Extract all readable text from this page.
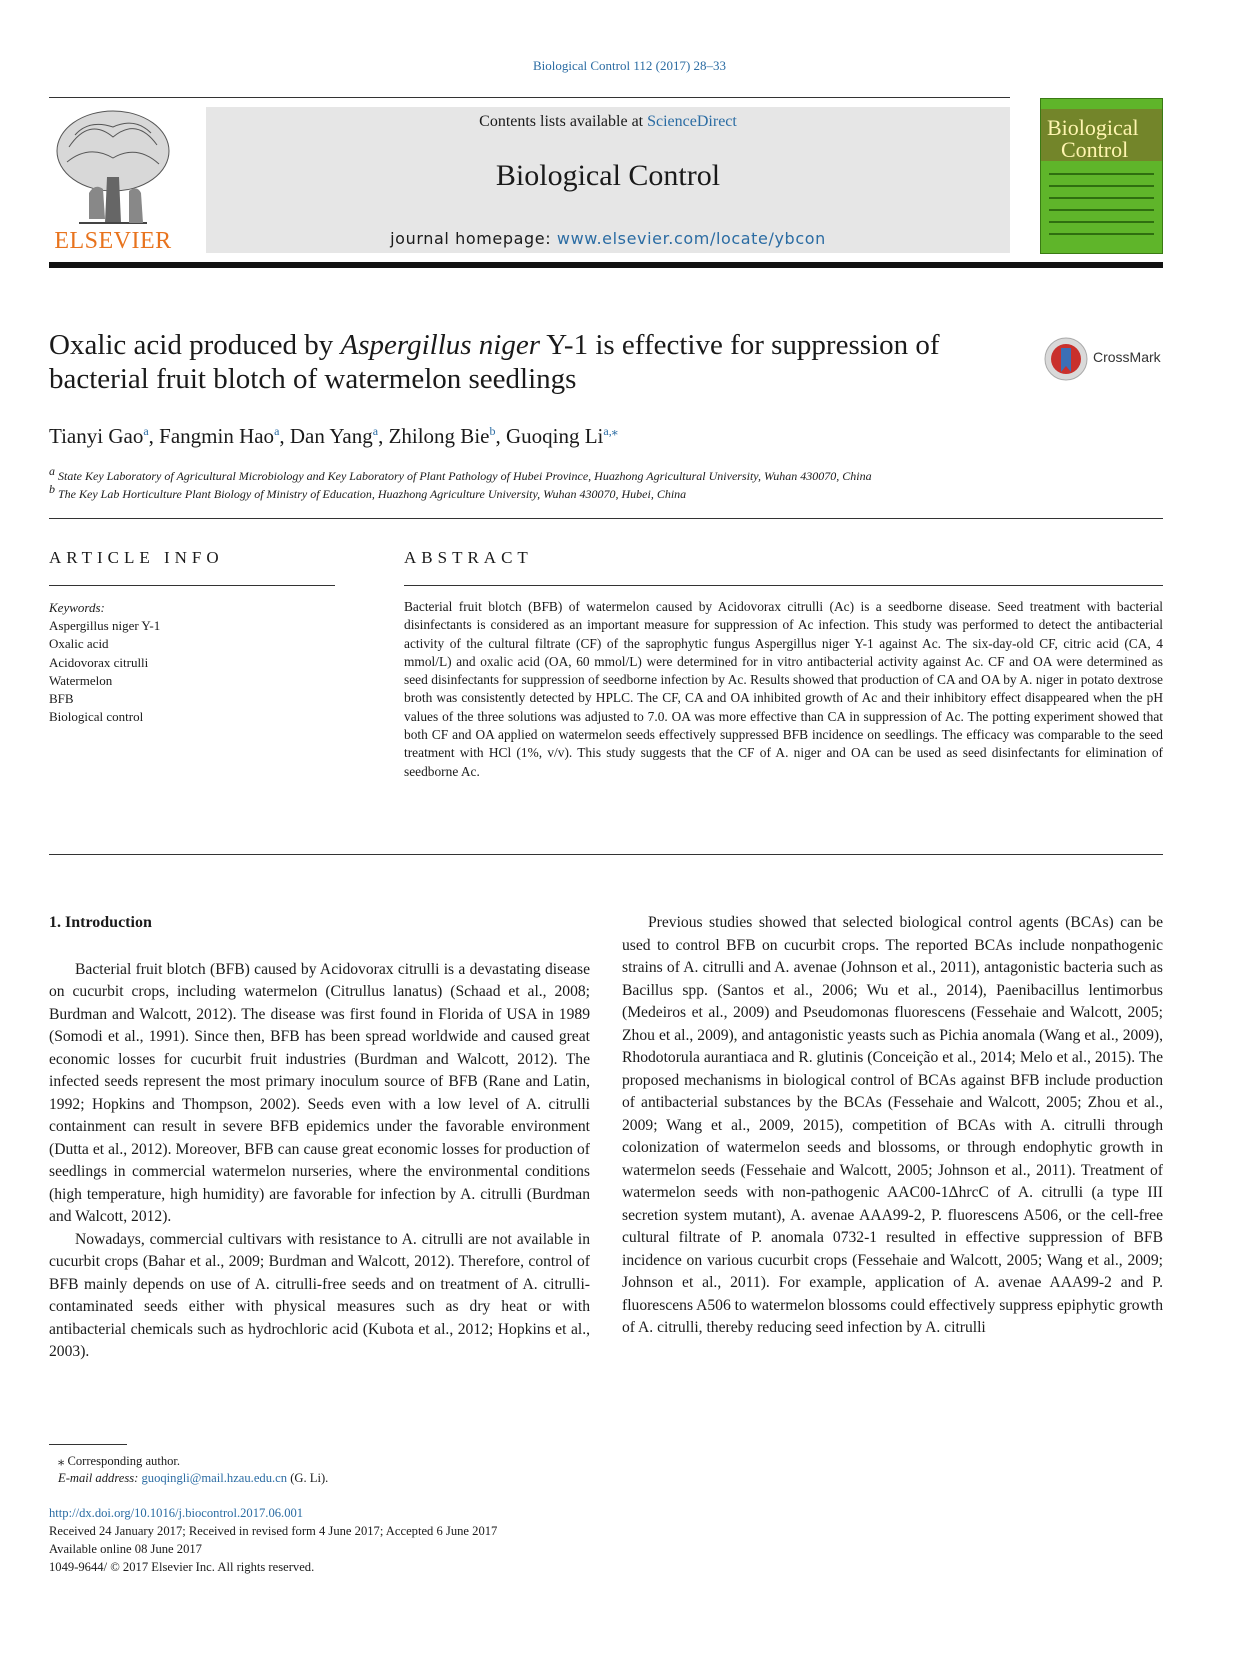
Biological Control 112 (2017) 28–33
ELSEVIER
Contents lists available at ScienceDirect
Biological Control
journal homepage: www.elsevier.com/locate/ybcon
Biological
Control
Oxalic acid produced by Aspergillus niger Y-1 is effective for suppression of bacterial fruit blotch of watermelon seedlings
CrossMark
Tianyi Gao$^a$, Fangmin Hao$^a$, Dan Yang$^a$, Zhilong Bie$^b$, Guoqing $Li^{a,⁎}$
$^a$ State Key Laboratory of Agricultural Microbiology and Key Laboratory of Plant Pathology of Hubei Province, Huazhong Agricultural University, Wuhan 430070, China
$^b$ The Key Lab Horticulture Plant Biology of Ministry of Education, Huazhong Agriculture University, Wuhan 430070, Hubei, China
ARTICLE INFO	ABSTRACT
Keywords:
Aspergillus niger Y-1
Oxalic acid
Acidovorax citrulli
Watermelon
BFB
Biological control
Bacterial fruit blotch (BFB) of watermelon caused by Acidovorax citrulli (Ac) is a seedborne disease. Seed treatment with bacterial disinfectants is considered as an important measure for suppression of Ac infection. This study was performed to detect the antibacterial activity of the cultural filtrate (CF) of the saprophytic fungus Aspergillus niger Y-1 against Ac. The six-day-old CF, citric acid (CA, 4 mmol/L) and oxalic acid (OA, 60 mmol/L) were determined for in vitro antibacterial activity against Ac. CF and OA were determined as seed disinfectants for suppression of seedborne infection by Ac. Results showed that production of CA and OA by A. niger in potato dextrose broth was consistently detected by HPLC. The CF, CA and OA inhibited growth of Ac and their inhibitory effect disappeared when the pH values of the three solutions was adjusted to 7.0. OA was more effective than CA in suppression of Ac. The potting experiment showed that both CF and OA applied on watermelon seeds effectively suppressed BFB incidence on seedlings. The efficacy was comparable to the seed treatment with HCl (1%, v/v). This study suggests that the CF of A. niger and OA can be used as seed disinfectants for elimination of seedborne Ac.

1. Introduction

Bacterial fruit blotch (BFB) caused by Acidovorax citrulli is a devastating disease on cucurbit crops, including watermelon (Citrullus lanatus) (Schaad et al., 2008; Burdman and Walcott, 2012). The disease was first found in Florida of USA in 1989 (Somodi et al., 1991). Since then, BFB has been spread worldwide and caused great economic losses for cucurbit fruit industries (Burdman and Walcott, 2012). The infected seeds represent the most primary inoculum source of BFB (Rane and Latin, 1992; Hopkins and Thompson, 2002). Seeds even with a low level of A. citrulli containment can result in severe BFB epidemics under the favorable environment (Dutta et al., 2012). Moreover, BFB can cause great economic losses for production of seedlings in commercial watermelon nurseries, where the environmental conditions (high temperature, high humidity) are favorable for infection by A. citrulli (Burdman and Walcott, 2012).

Nowadays, commercial cultivars with resistance to A. citrulli are not available in cucurbit crops (Bahar et al., 2009; Burdman and Walcott, 2012). Therefore, control of BFB mainly depends on use of A. citrulli-free seeds and on treatment of A. citrulli-contaminated seeds either with physical measures such as dry heat or with antibacterial chemicals such as hydrochloric acid (Kubota et al., 2012; Hopkins et al., 2003).

Previous studies showed that selected biological control agents (BCAs) can be used to control BFB on cucurbit crops. The reported BCAs include nonpathogenic strains of A. citrulli and A. avenae (Johnson et al., 2011), antagonistic bacteria such as Bacillus spp. (Santos et al., 2006; Wu et al., 2014), Paenibacillus lentimorbus (Medeiros et al., 2009) and Pseudomonas fluorescens (Fessehaie and Walcott, 2005; Zhou et al., 2009), and antagonistic yeasts such as Pichia anomala (Wang et al., 2009), Rhodotorula aurantiaca and R. glutinis (Conceição et al., 2014; Melo et al., 2015). The proposed mechanisms in biological control of BCAs against BFB include production of antibacterial substances by the BCAs (Fessehaie and Walcott, 2005; Zhou et al., 2009; Wang et al., 2009, 2015), competition of BCAs with A. citrulli through colonization of watermelon seeds and blossoms, or through endophytic growth in watermelon seeds (Fessehaie and Walcott, 2005; Johnson et al., 2011). Treatment of watermelon seeds with non-pathogenic AAC00-1ΔhrcC of A. citrulli (a type III secretion system mutant), A. avenae AAA99-2, P. fluorescens A506, or the cell-free cultural filtrate of P. anomala 0732-1 resulted in effective suppression of BFB incidence on various cucurbit crops (Fessehaie and Walcott, 2005; Wang et al., 2009; Johnson et al., 2011). For example, application of A. avenae AAA99-2 and P. fluorescens A506 to watermelon blossoms could effectively suppress epiphytic growth of A. citrulli, thereby reducing seed infection by A. citrulli

⁎ Corresponding author.
E-mail address: guoqingli@mail.hzau.edu.cn (G. Li).
http://dx.doi.org/10.1016/j.biocontrol.2017.06.001
Received 24 January 2017; Received in revised form 4 June 2017; Accepted 6 June 2017
Available online 08 June 2017
1049-9644/ © 2017 Elsevier Inc. All rights reserved.
